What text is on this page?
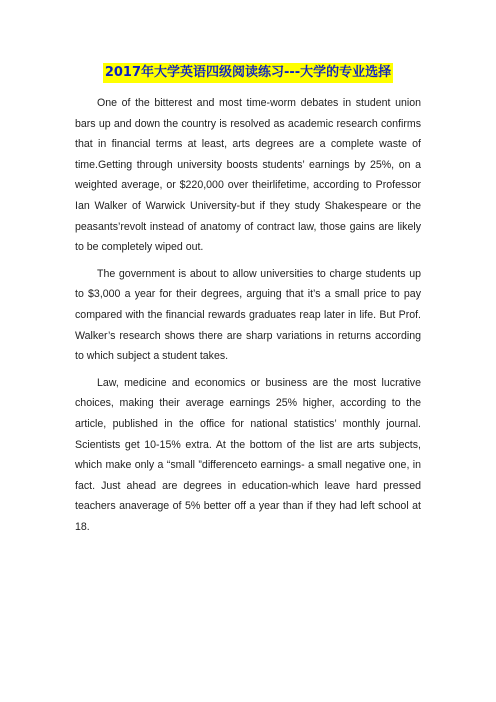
2017年大学英语四级阅读练习---大学的专业选择

One of the bitterest and most time-worm debates in student union bars up and down the country is resolved as academic research confirms that in financial terms at least, arts degrees are a complete waste of time.Getting through university boosts students’ earnings by 25%, on a weighted average, or $220,000 over theirlifetime, according to Professor Ian Walker of Warwick University-but if they study Shakespeare or the peasants’revolt instead of anatomy of contract law, those gains are likely to be completely wiped out.

The government is about to allow universities to charge students up to $3,000 a year for their degrees, arguing that it’s a small price to pay compared with the financial rewards graduates reap later in life. But Prof. Walker’s research shows there are sharp variations in returns according to which subject a student takes.

Law, medicine and economics or business are the most lucrative choices, making their average earnings 25% higher, according to the article, published in the office for national statistics’ monthly journal. Scientists get 10-15% extra. At the bottom of the list are arts subjects, which make only a “small ”differenceto earnings- a small negative one, in fact. Just ahead are degrees in education-which leave hard pressed teachers anaverage of 5% better off a year than if they had left school at 18.
